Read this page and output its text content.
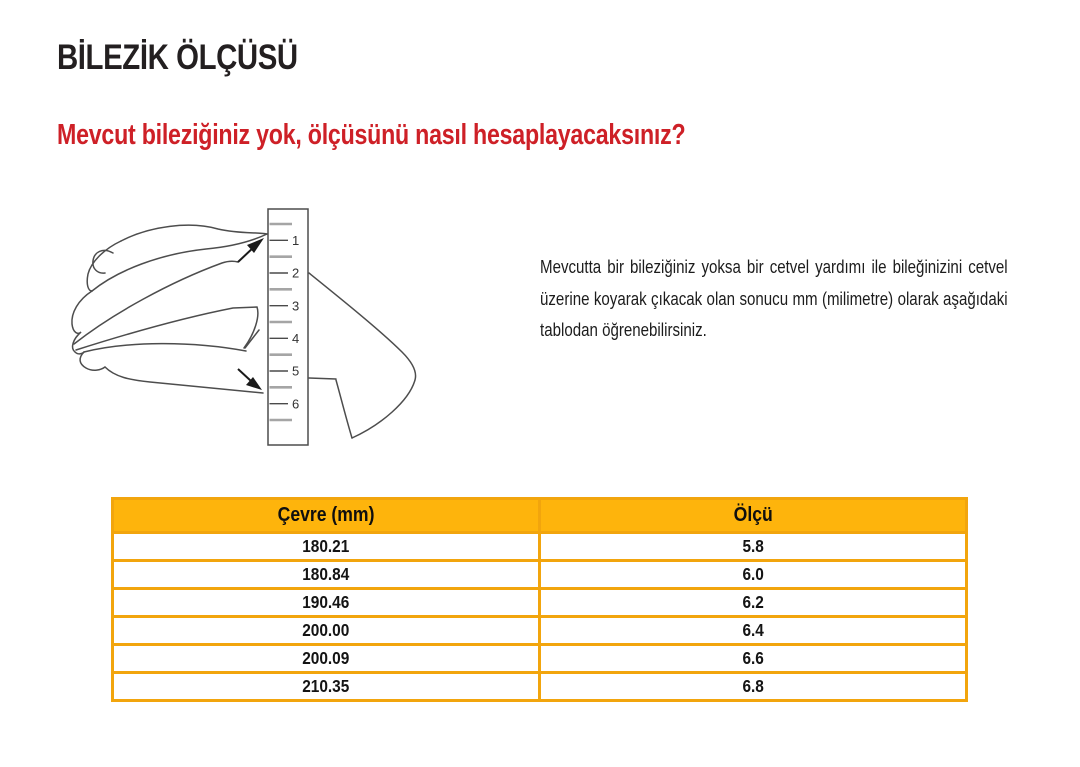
BİLEZİK ÖLÇÜSÜ
Mevcut bileziğiniz yok, ölçüsünü nasıl hesaplayacaksınız?
1
2
3
4
5
6

Mevcutta bir bileziğiniz yoksa bir cetvel yardımı ile bileğinizini cetvel üzerine koyarak çıkacak olan sonucu mm (milimetre) olarak aşağıdaki tablodan öğrenebilirsiniz.

Çevre (mm)	Ölçü
180.21	5.8
180.84	6.0
190.46	6.2
200.00	6.4
200.09	6.6
210.35	6.8
